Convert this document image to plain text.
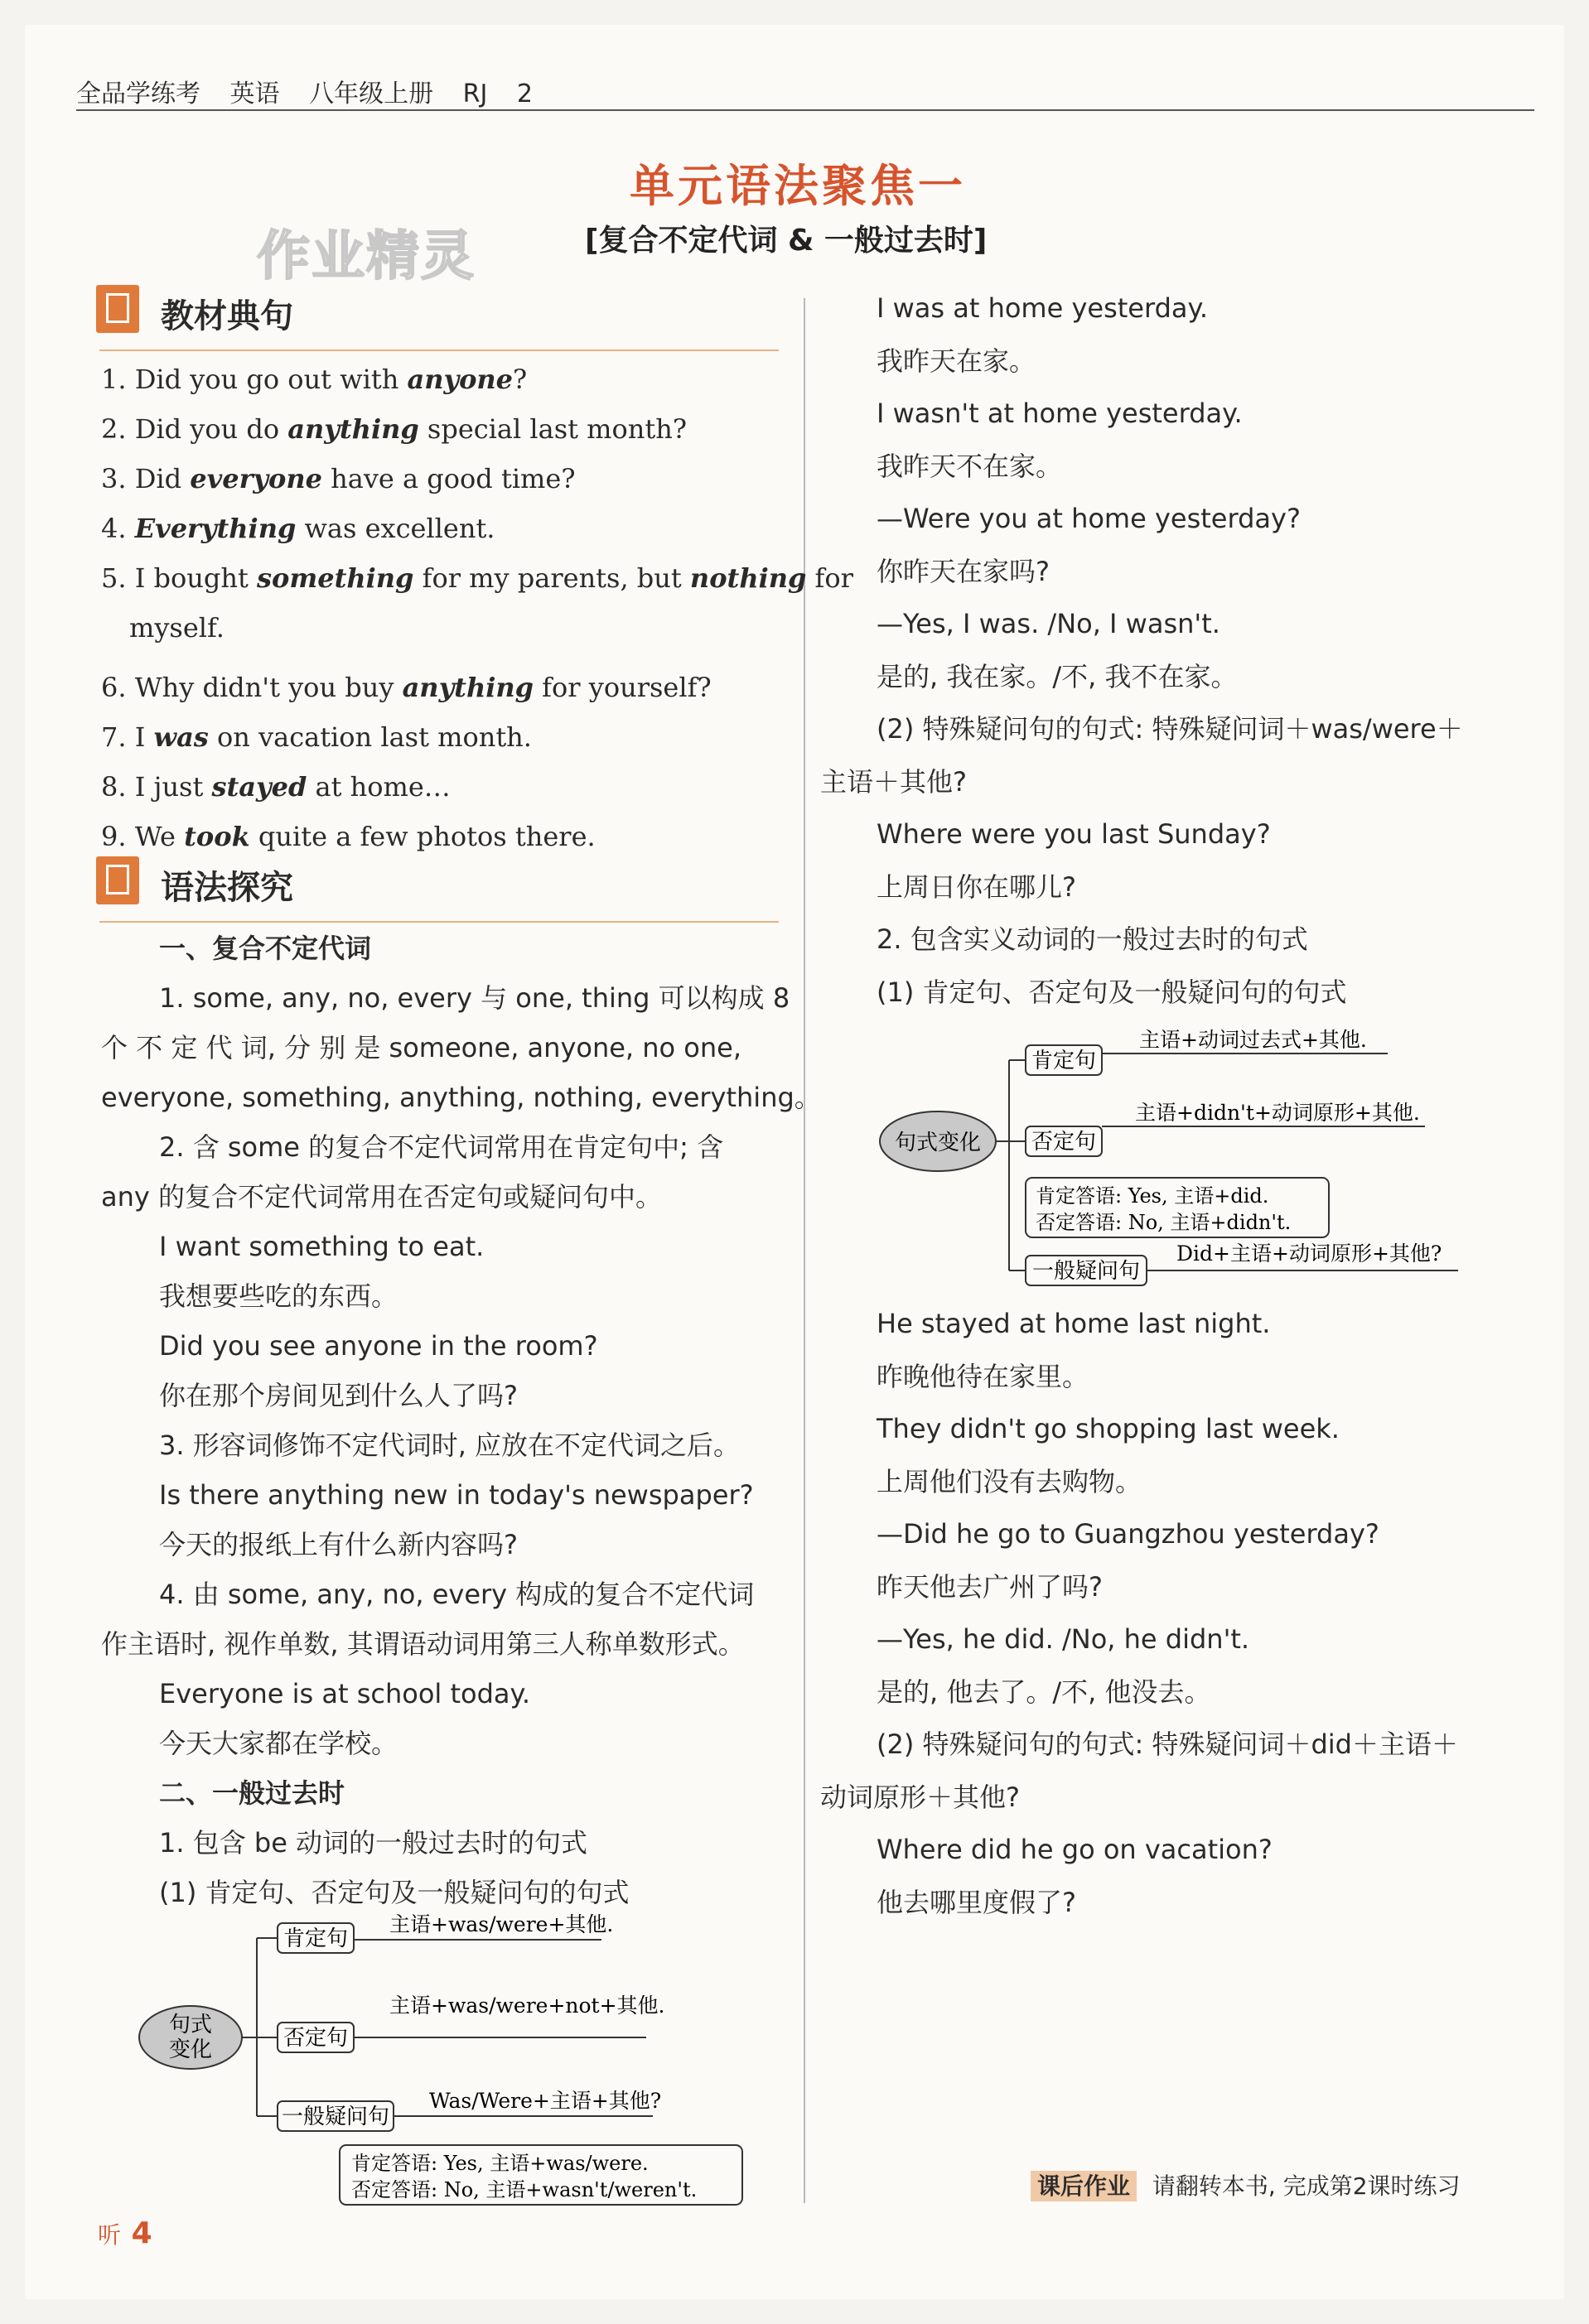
全品学练考 英语 八年级上册 RJ 2
单元语法聚焦一
作业精灵	[复合不定代词 & 一般过去时]
教材典句
1. Did you go out with anyone?
2. Did you do anything special last month?
3. Did everyone have a good time?
4. Everything was excellent.
6. Why didn't you buy anything for yourself?
7. I was on vacation last month.
8. I just stayed at home…
9. We took quite a few photos there.
5. I bought something for my parents, but nothing for
myself.
语法探究
一、复合不定代词
1. some, any, no, every 与 one, thing 可以构成 8
个 不 定 代 词, 分 别 是 someone, anyone, no one,
everyone, something, anything, nothing, everything。
2. 含 some 的复合不定代词常用在肯定句中; 含
any 的复合不定代词常用在否定句或疑问句中。
I want something to eat.
我想要些吃的东西。
Did you see anyone in the room?
你在那个房间见到什么人了吗?
3. 形容词修饰不定代词时, 应放在不定代词之后。
Is there anything new in today's newspaper?
今天的报纸上有什么新内容吗?
4. 由 some, any, no, every 构成的复合不定代词
作主语时, 视作单数, 其谓语动词用第三人称单数形式。
Everyone is at school today.
今天大家都在学校。
二、一般过去时
1. 包含 be 动词的一般过去时的句式
(1) 肯定句、否定句及一般疑问句的句式
I was at home yesterday.
我昨天在家。
I wasn't at home yesterday.
我昨天不在家。
—Were you at home yesterday?
你昨天在家吗?
—Yes, I was. /No, I wasn't.
是的, 我在家。/不, 我不在家。
(2) 特殊疑问句的句式: 特殊疑问词＋was/were＋
主语＋其他?
Where were you last Sunday?
上周日你在哪儿?
2. 包含实义动词的一般过去时的句式
(1) 肯定句、否定句及一般疑问句的句式
He stayed at home last night.
昨晚他待在家里。
They didn't go shopping last week.
上周他们没有去购物。
—Did he go to Guangzhou yesterday?
昨天他去广州了吗?
—Yes, he did. /No, he didn't.
是的, 他去了。/不, 他没去。
(2) 特殊疑问句的句式: 特殊疑问词＋did＋主语＋
动词原形＋其他?
Where did he go on vacation?
他去哪里度假了?
句式
变化
肯定句
主语+was/were+其他.
否定句
主语+was/were+not+其他.
一般疑问句
Was/Were+主语+其他?
肯定答语: Yes, 主语+was/were.
否定答语: No, 主语+wasn't/weren't.
句式变化
肯定句
主语+动词过去式+其他.
否定句
主语+didn't+动词原形+其他.
肯定答语: Yes, 主语+did.
否定答语: No, 主语+didn't.
一般疑问句
Did+主语+动词原形+其他?
课后作业 请翻转本书, 完成第2课时练习
听 4
